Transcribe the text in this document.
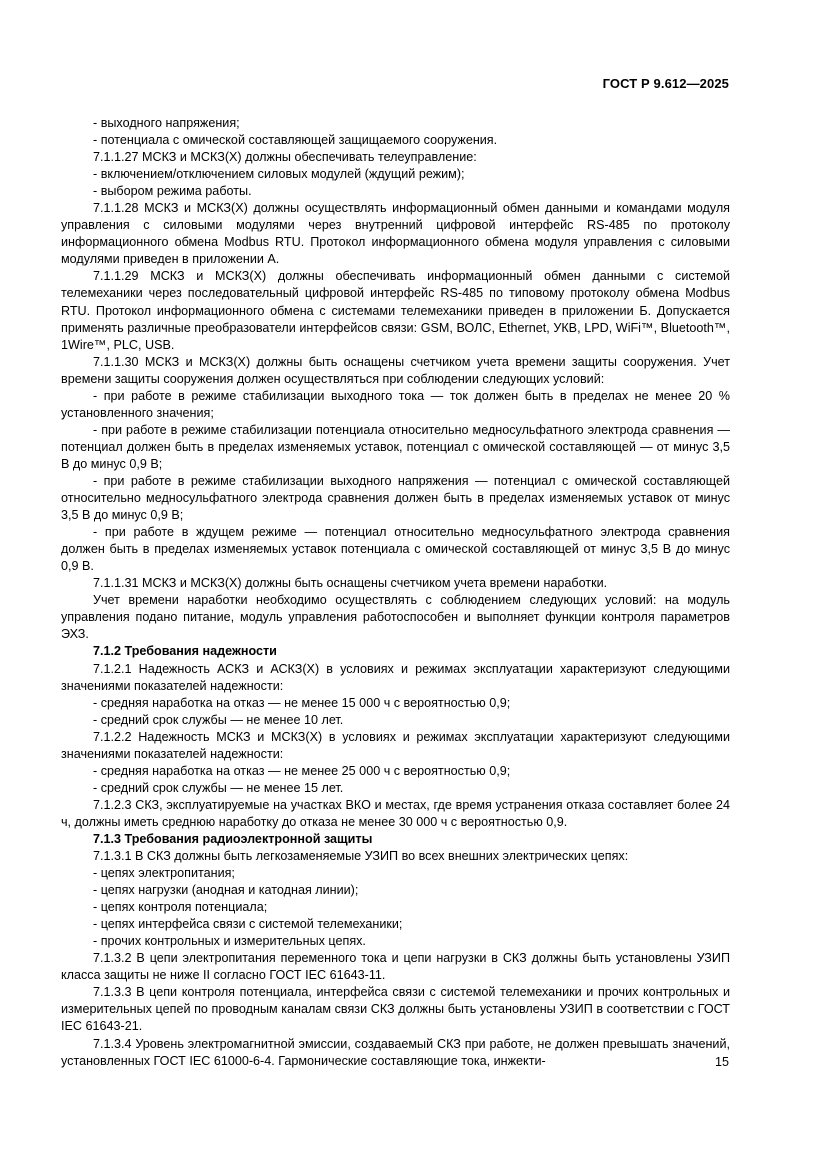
ГОСТ Р 9.612—2025

- выходного напряжения;

- потенциала с омической составляющей защищаемого сооружения.

7.1.1.27 МСКЗ и МСКЗ(Х) должны обеспечивать телеуправление:

- включением/отключением силовых модулей (ждущий режим);

- выбором режима работы.

7.1.1.28 МСКЗ и МСКЗ(Х) должны осуществлять информационный обмен данными и командами модуля управления с силовыми модулями через внутренний цифровой интерфейс RS-485 по протоколу информационного обмена Modbus RTU. Протокол информационного обмена модуля управления с силовыми модулями приведен в приложении А.

7.1.1.29 МСКЗ и МСКЗ(Х) должны обеспечивать информационный обмен данными с системой телемеханики через последовательный цифровой интерфейс RS-485 по типовому протоколу обмена Modbus RTU. Протокол информационного обмена с системами телемеханики приведен в приложении Б. Допускается применять различные преобразователи интерфейсов связи: GSM, ВОЛС, Ethernet, УКВ, LPD, WiFi™, Bluetooth™, 1Wire™, PLC, USB.

7.1.1.30 МСКЗ и МСКЗ(Х) должны быть оснащены счетчиком учета времени защиты сооружения. Учет времени защиты сооружения должен осуществляться при соблюдении следующих условий:

- при работе в режиме стабилизации выходного тока — ток должен быть в пределах не менее 20 % установленного значения;

- при работе в режиме стабилизации потенциала относительно медносульфатного электрода сравнения — потенциал должен быть в пределах изменяемых уставок, потенциал с омической составляющей — от минус 3,5 В до минус 0,9 В;

- при работе в режиме стабилизации выходного напряжения — потенциал с омической составляющей относительно медносульфатного электрода сравнения должен быть в пределах изменяемых уставок от минус 3,5 В до минус 0,9 В;

- при работе в ждущем режиме — потенциал относительно медносульфатного электрода сравнения должен быть в пределах изменяемых уставок потенциала с омической составляющей от минус 3,5 В до минус 0,9 В.

7.1.1.31 МСКЗ и МСКЗ(Х) должны быть оснащены счетчиком учета времени наработки.

Учет времени наработки необходимо осуществлять с соблюдением следующих условий: на модуль управления подано питание, модуль управления работоспособен и выполняет функции контроля параметров ЭХЗ.

7.1.2 Требования надежности

7.1.2.1 Надежность АСКЗ и АСКЗ(Х) в условиях и режимах эксплуатации характеризуют следующими значениями показателей надежности:

- средняя наработка на отказ — не менее 15 000 ч с вероятностью 0,9;

- средний срок службы — не менее 10 лет.

7.1.2.2 Надежность МСКЗ и МСКЗ(Х) в условиях и режимах эксплуатации характеризуют следующими значениями показателей надежности:

- средняя наработка на отказ — не менее 25 000 ч с вероятностью 0,9;

- средний срок службы — не менее 15 лет.

7.1.2.3 СКЗ, эксплуатируемые на участках ВКО и местах, где время устранения отказа составляет более 24 ч, должны иметь среднюю наработку до отказа не менее 30 000 ч с вероятностью 0,9.

7.1.3 Требования радиоэлектронной защиты

7.1.3.1 В СКЗ должны быть легкозаменяемые УЗИП во всех внешних электрических цепях:

- цепях электропитания;

- цепях нагрузки (анодная и катодная линии);

- цепях контроля потенциала;

- цепях интерфейса связи с системой телемеханики;

- прочих контрольных и измерительных цепях.

7.1.3.2 В цепи электропитания переменного тока и цепи нагрузки в СКЗ должны быть установлены УЗИП класса защиты не ниже II согласно ГОСТ IEC 61643-11.

7.1.3.3 В цепи контроля потенциала, интерфейса связи с системой телемеханики и прочих контрольных и измерительных цепей по проводным каналам связи СКЗ должны быть установлены УЗИП в соответствии с ГОСТ IEC 61643-21.

7.1.3.4 Уровень электромагнитной эмиссии, создаваемый СКЗ при работе, не должен превышать значений, установленных ГОСТ IEC 61000-6-4. Гармонические составляющие тока, инжекти-	15
